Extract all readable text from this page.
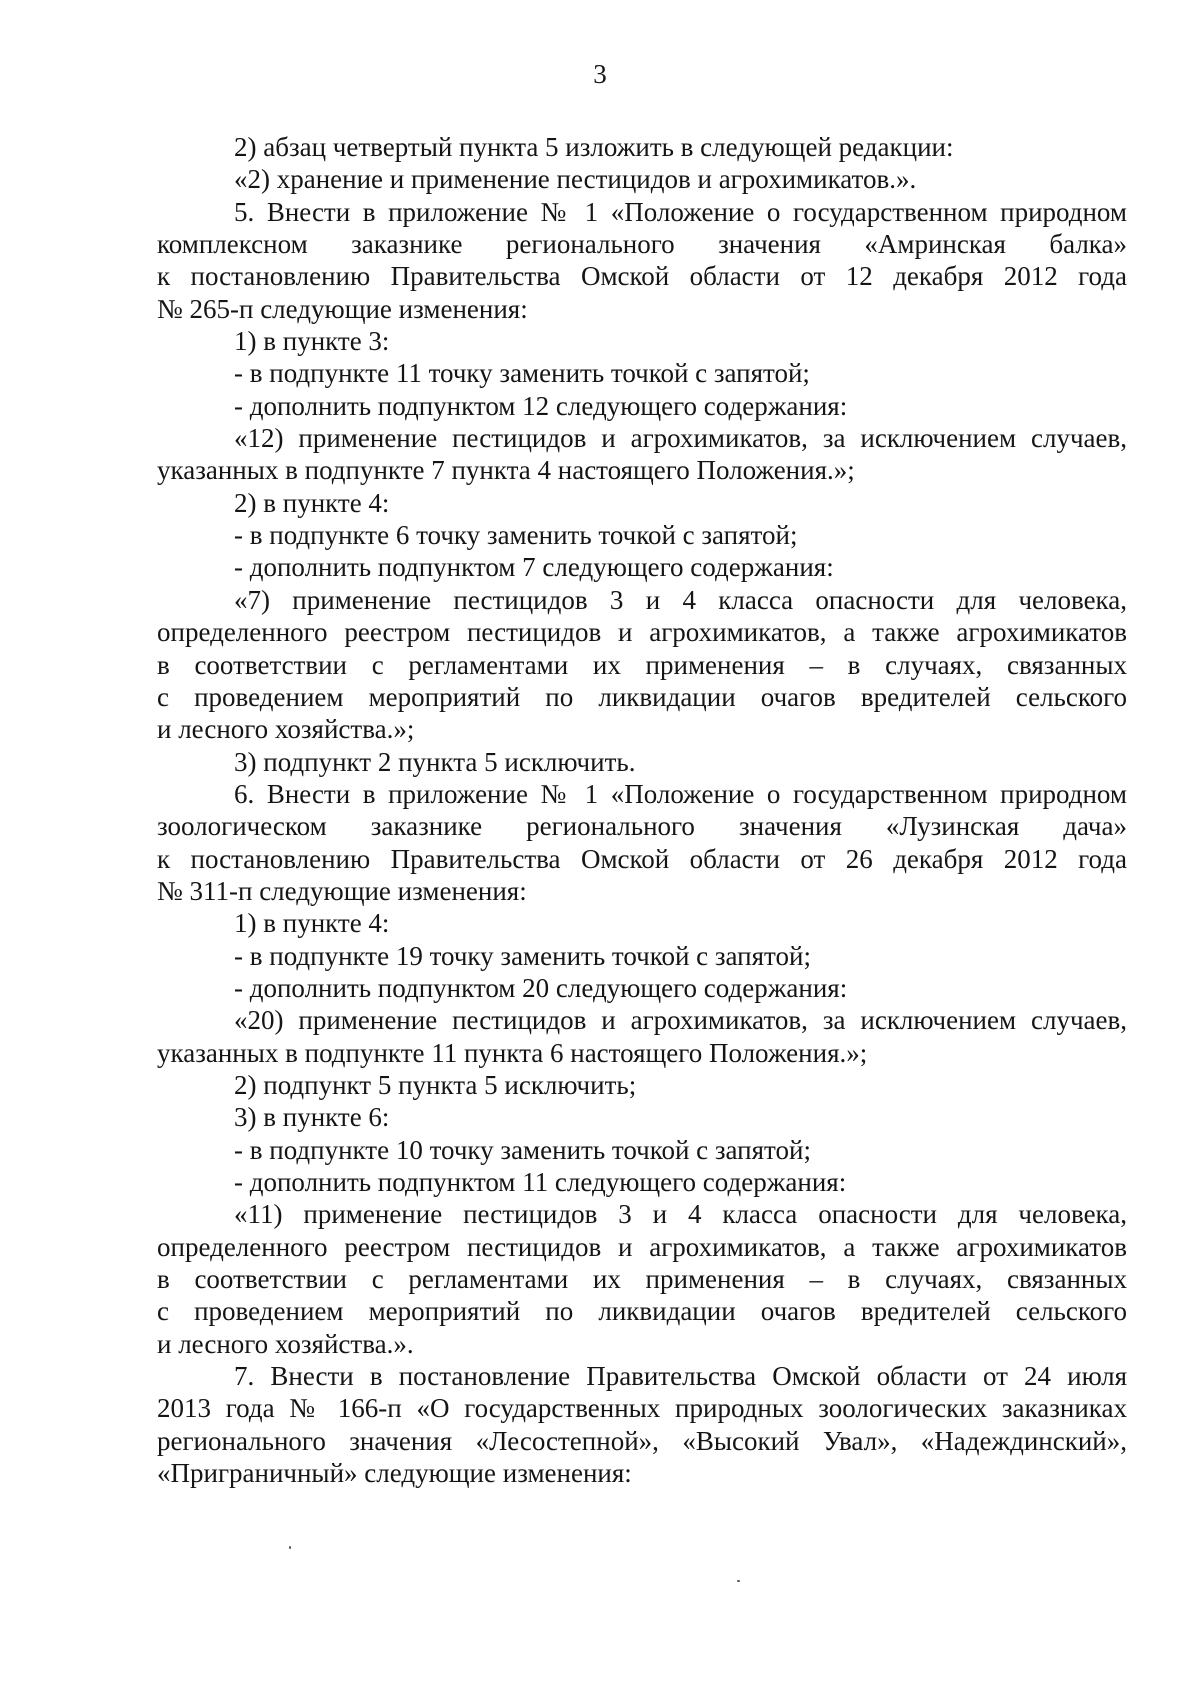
3
2) абзац четвертый пункта 5 изложить в следующей редакции:
«2) хранение и применение пестицидов и агрохимикатов.».
5. Внести в приложение № 1 «Положение о государственном природном
комплексном заказнике регионального значения «Амринская балка»
к постановлению Правительства Омской области от 12 декабря 2012 года
№ 265-п следующие изменения:
1) в пункте 3:
- в подпункте 11 точку заменить точкой с запятой;
- дополнить подпунктом 12 следующего содержания:
«12) применение пестицидов и агрохимикатов, за исключением случаев,
указанных в подпункте 7 пункта 4 настоящего Положения.»;
2) в пункте 4:
- в подпункте 6 точку заменить точкой с запятой;
- дополнить подпунктом 7 следующего содержания:
«7) применение пестицидов 3 и 4 класса опасности для человека,
определенного реестром пестицидов и агрохимикатов, а также агрохимикатов
в соответствии с регламентами их применения – в случаях, связанных
с проведением мероприятий по ликвидации очагов вредителей сельского
и лесного хозяйства.»;
3) подпункт 2 пункта 5 исключить.
6. Внести в приложение № 1 «Положение о государственном природном
зоологическом заказнике регионального значения «Лузинская дача»
к постановлению Правительства Омской области от 26 декабря 2012 года
№ 311-п следующие изменения:
1) в пункте 4:
- в подпункте 19 точку заменить точкой с запятой;
- дополнить подпунктом 20 следующего содержания:
«20) применение пестицидов и агрохимикатов, за исключением случаев,
указанных в подпункте 11 пункта 6 настоящего Положения.»;
2) подпункт 5 пункта 5 исключить;
3) в пункте 6:
- в подпункте 10 точку заменить точкой с запятой;
- дополнить подпунктом 11 следующего содержания:
«11) применение пестицидов 3 и 4 класса опасности для человека,
определенного реестром пестицидов и агрохимикатов, а также агрохимикатов
в соответствии с регламентами их применения – в случаях, связанных
с проведением мероприятий по ликвидации очагов вредителей сельского
и лесного хозяйства.».
7. Внести в постановление Правительства Омской области от 24 июля
2013 года № 166-п «О государственных природных зоологических заказниках
регионального значения «Лесостепной», «Высокий Увал», «Надеждинский»,
«Приграничный» следующие изменения:
